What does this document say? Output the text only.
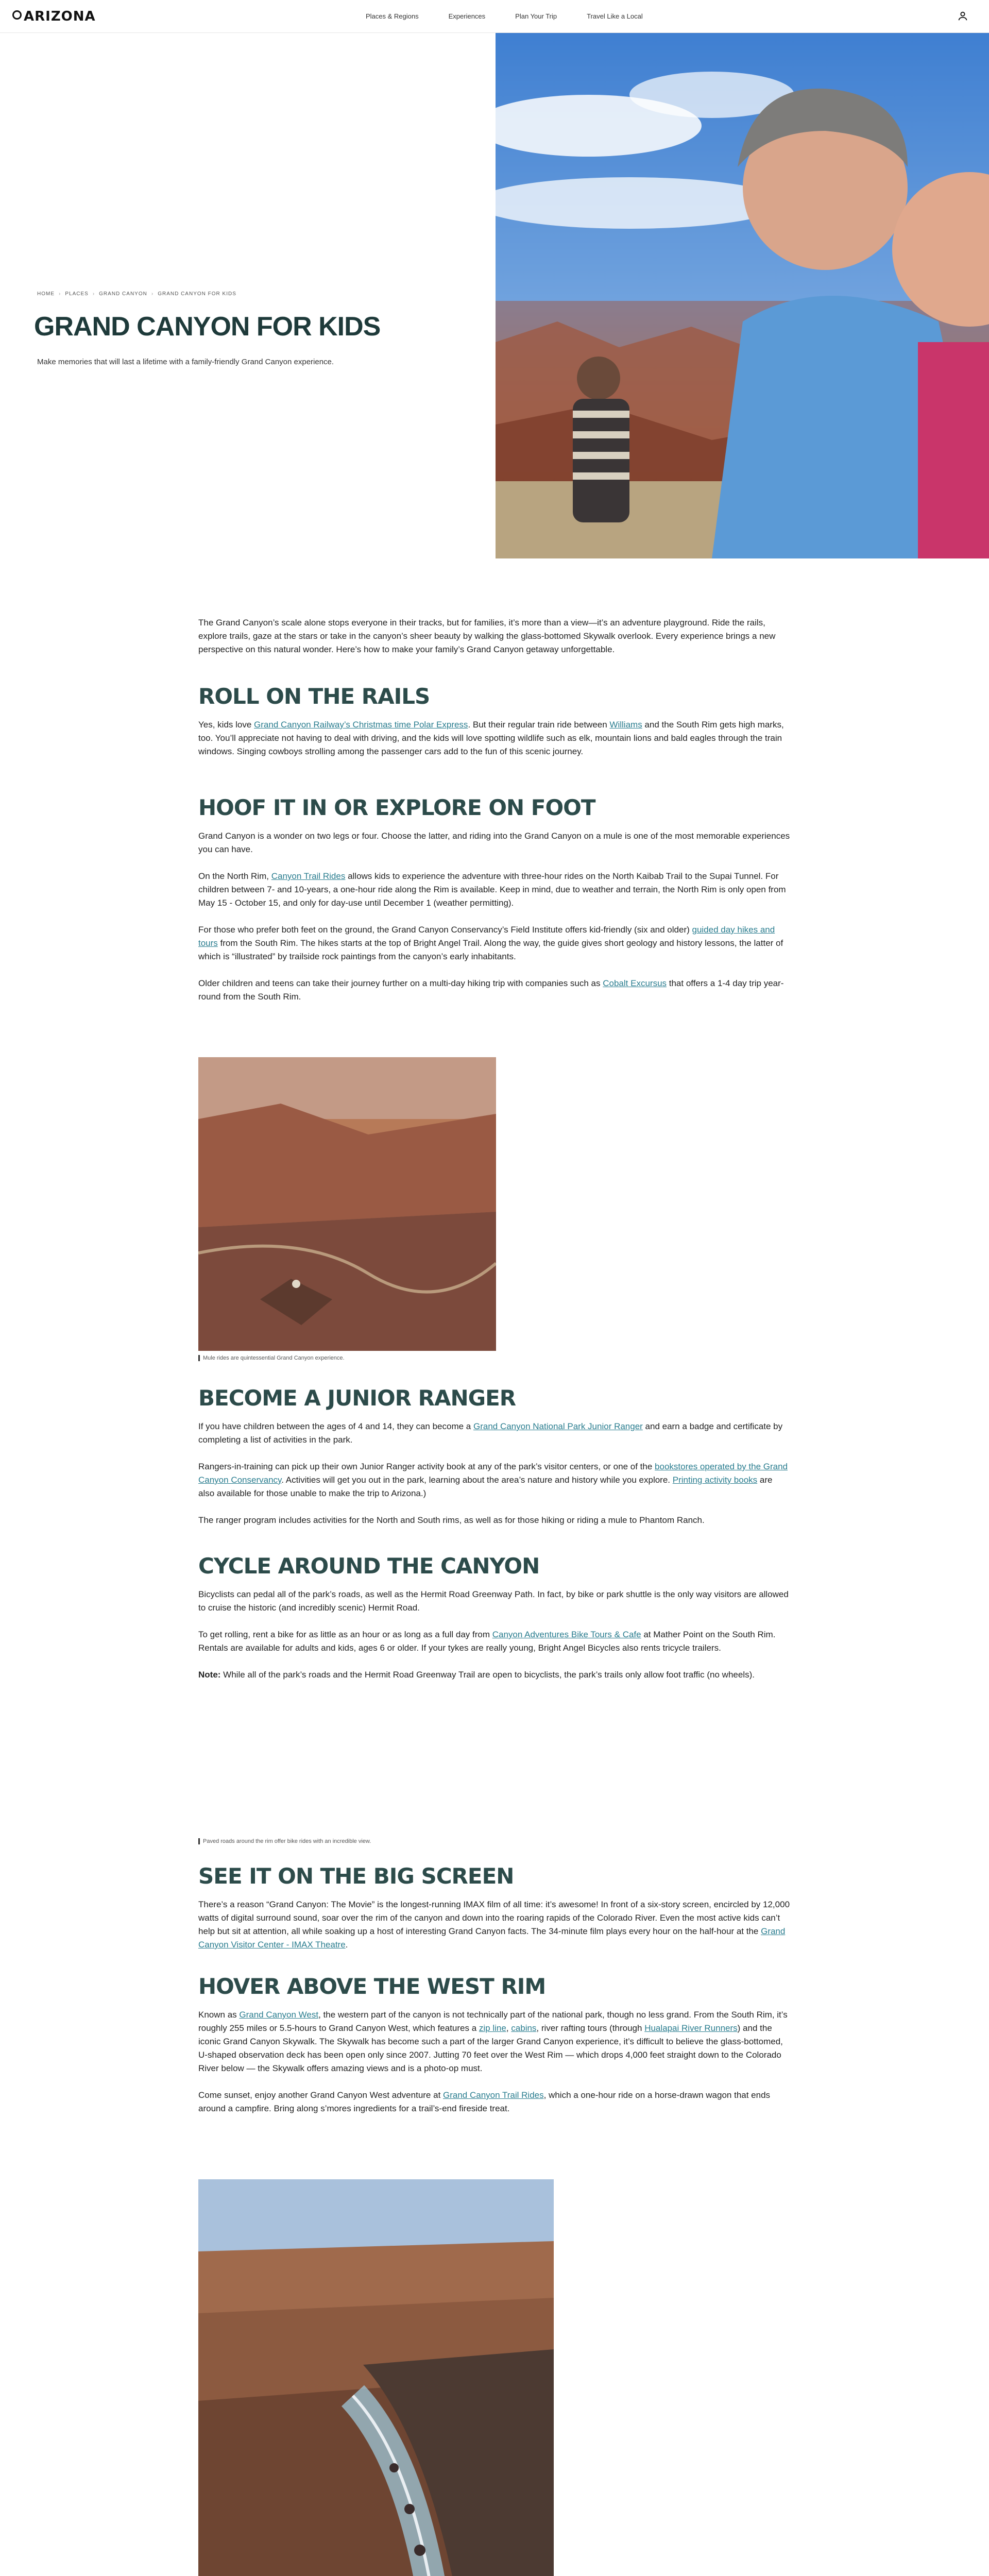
ARIZONA	Places & Regions	Experiences	Plan Your Trip	Travel Like a Local
HOME › PLACES › GRAND CANYON › GRAND CANYON FOR KIDS
GRAND CANYON FOR KIDS

Make memories that will last a lifetime with a family-friendly Grand Canyon experience.

The Grand Canyon’s scale alone stops everyone in their tracks, but for families, it’s more than a view—it’s an adventure playground. Ride the rails, explore trails, gaze at the stars or take in the canyon’s sheer beauty by walking the glass-bottomed Skywalk overlook. Every experience brings a new perspective on this natural wonder. Here’s how to make your family’s Grand Canyon getaway unforgettable.

ROLL ON THE RAILS

Yes, kids love Grand Canyon Railway’s Christmas time Polar Express. But their regular train ride between Williams and the South Rim gets high marks, too. You’ll appreciate not having to deal with driving, and the kids will love spotting wildlife such as elk, mountain lions and bald eagles through the train windows. Singing cowboys strolling among the passenger cars add to the fun of this scenic journey.

HOOF IT IN OR EXPLORE ON FOOT

Grand Canyon is a wonder on two legs or four. Choose the latter, and riding into the Grand Canyon on a mule is one of the most memorable experiences you can have.

On the North Rim, Canyon Trail Rides allows kids to experience the adventure with three-hour rides on the North Kaibab Trail to the Supai Tunnel. For children between 7- and 10-years, a one-hour ride along the Rim is available. Keep in mind, due to weather and terrain, the North Rim is only open from May 15 - October 15, and only for day-use until December 1 (weather permitting).

For those who prefer both feet on the ground, the Grand Canyon Conservancy’s Field Institute offers kid-friendly (six and older) guided day hikes and tours from the South Rim. The hikes starts at the top of Bright Angel Trail. Along the way, the guide gives short geology and history lessons, the latter of which is “illustrated” by trailside rock paintings from the canyon’s early inhabitants.

Older children and teens can take their journey further on a multi-day hiking trip with companies such as Cobalt Excursus that offers a 1-4 day trip year-round from the South Rim.

Mule rides are quintessential Grand Canyon experience.
BECOME A JUNIOR RANGER

If you have children between the ages of 4 and 14, they can become a Grand Canyon National Park Junior Ranger and earn a badge and certificate by completing a list of activities in the park.

Rangers-in-training can pick up their own Junior Ranger activity book at any of the park’s visitor centers, or one of the bookstores operated by the Grand Canyon Conservancy. Activities will get you out in the park, learning about the area’s nature and history while you explore. Printing activity books are also available for those unable to make the trip to Arizona.)

The ranger program includes activities for the North and South rims, as well as for those hiking or riding a mule to Phantom Ranch.

CYCLE AROUND THE CANYON

Bicyclists can pedal all of the park’s roads, as well as the Hermit Road Greenway Path. In fact, by bike or park shuttle is the only way visitors are allowed to cruise the historic (and incredibly scenic) Hermit Road.

To get rolling, rent a bike for as little as an hour or as long as a full day from Canyon Adventures Bike Tours & Cafe at Mather Point on the South Rim. Rentals are available for adults and kids, ages 6 or older. If your tykes are really young, Bright Angel Bicycles also rents tricycle trailers.

Note: While all of the park’s roads and the Hermit Road Greenway Trail are open to bicyclists, the park’s trails only allow foot traffic (no wheels).

Paved roads around the rim offer bike rides with an incredible view.
SEE IT ON THE BIG SCREEN

There’s a reason “Grand Canyon: The Movie” is the longest-running IMAX film of all time: it’s awesome! In front of a six-story screen, encircled by 12,000 watts of digital surround sound, soar over the rim of the canyon and down into the roaring rapids of the Colorado River. Even the most active kids can’t help but sit at attention, all while soaking up a host of interesting Grand Canyon facts. The 34-minute film plays every hour on the half-hour at the Grand Canyon Visitor Center - IMAX Theatre.

HOVER ABOVE THE WEST RIM

Known as Grand Canyon West, the western part of the canyon is not technically part of the national park, though no less grand. From the South Rim, it’s roughly 255 miles or 5.5-hours to Grand Canyon West, which features a zip line, cabins, river rafting tours (through Hualapai River Runners) and the iconic Grand Canyon Skywalk. The Skywalk has become such a part of the larger Grand Canyon experience, it’s difficult to believe the glass-bottomed, U-shaped observation deck has been open only since 2007. Jutting 70 feet over the West Rim — which drops 4,000 feet straight down to the Colorado River below — the Skywalk offers amazing views and is a photo-op must.

Come sunset, enjoy another Grand Canyon West adventure at Grand Canyon Trail Rides, which a one-hour ride on a horse-drawn wagon that ends around a campfire. Bring along s’mores ingredients for a trail’s-end fireside treat.
